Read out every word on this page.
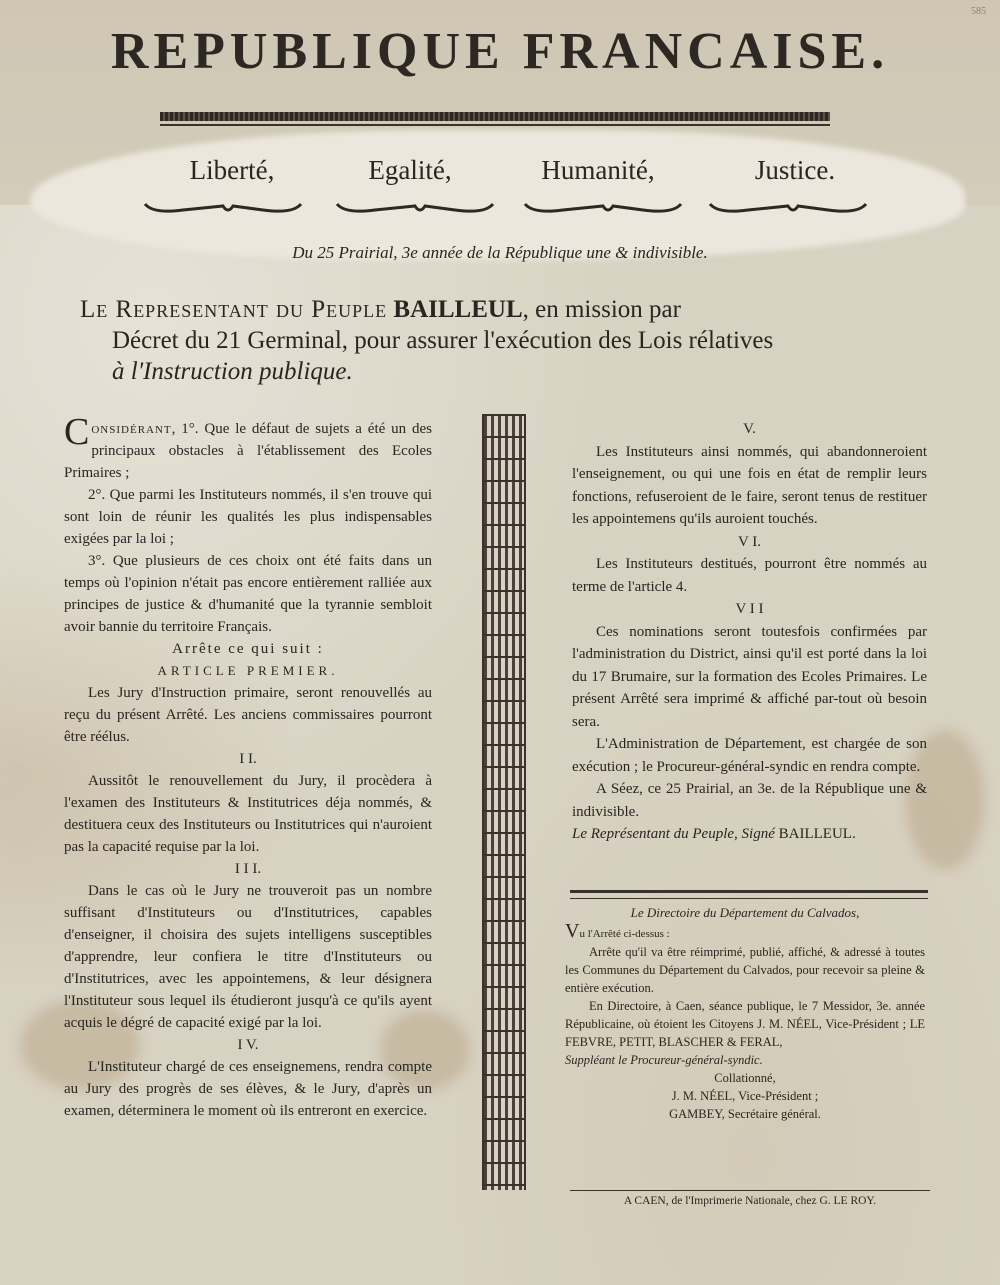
585
REPUBLIQUE FRANCAISE.
Liberté,	Egalité,	Humanité,	Justice.
Du 25 Prairial, 3e année de la République une & indivisible.
Le Representant du Peuple BAILLEUL, en mission par
Décret du 21 Germinal, pour assurer l'exécution des Lois rélatives
à l'Instruction publique.

Considérant, 1°. Que le défaut de sujets a été un des principaux obstacles à l'établissement des Ecoles Primaires ;

2°. Que parmi les Instituteurs nommés, il s'en trouve qui sont loin de réunir les qualités les plus indispensables exigées par la loi ;

3°. Que plusieurs de ces choix ont été faits dans un temps où l'opinion n'était pas encore entièrement ralliée aux principes de justice & d'humanité que la tyrannie sembloit avoir bannie du territoire Français.

Arrête ce qui suit :

ARTICLE PREMIER.

Les Jury d'Instruction primaire, seront renouvellés au reçu du présent Arrêté. Les anciens commissaires pourront être réélus.

I I.

Aussitôt le renouvellement du Jury, il procèdera à l'examen des Instituteurs & Institutrices déja nommés, & destituera ceux des Instituteurs ou Institutrices qui n'auroient pas la capacité requise par la loi.

I I I.

Dans le cas où le Jury ne trouveroit pas un nombre suffisant d'Instituteurs ou d'Institutrices, capables d'enseigner, il choisira des sujets intelligens susceptibles d'apprendre, leur confiera le titre d'Instituteurs ou d'Institutrices, avec les appointemens, & leur désignera l'Instituteur sous lequel ils étudieront jusqu'à ce qu'ils ayent acquis le dégré de capacité exigé par la loi.

I V.

L'Instituteur chargé de ces enseignemens, rendra compte au Jury des progrès de ses élèves, & le Jury, d'après un examen, déterminera le moment où ils entreront en exercice.

V.

Les Instituteurs ainsi nommés, qui abandonneroient l'enseignement, ou qui une fois en état de remplir leurs fonctions, refuseroient de le faire, seront tenus de restituer les appointemens qu'ils auroient touchés.

V I.

Les Instituteurs destitués, pourront être nommés au terme de l'article 4.

V I I

Ces nominations seront toutesfois confirmées par l'administration du District, ainsi qu'il est porté dans la loi du 17 Brumaire, sur la formation des Ecoles Primaires. Le présent Arrêté sera imprimé & affiché par-tout où besoin sera.

L'Administration de Département, est chargée de son exécution ; le Procureur-général-syndic en rendra compte.

A Séez, ce 25 Prairial, an 3e. de la République une & indivisible.

Le Représentant du Peuple, Signé BAILLEUL.

Le Directoire du Département du Calvados,

Vu l'Arrêté ci-dessus :

Arrête qu'il va être réimprimé, publié, affiché, & adressé à toutes les Communes du Département du Calvados, pour recevoir sa pleine & entière exécution.

En Directoire, à Caen, séance publique, le 7 Messidor, 3e. année Républicaine, où étoient les Citoyens J. M. NÉEL, Vice-Président ; LE FEBVRE, PETIT, BLASCHER & FERAL,

Suppléant le Procureur-général-syndic.

Collationné,

J. M. NÉEL, Vice-Président ;

GAMBEY, Secrétaire général.

A CAEN, de l'Imprimerie Nationale, chez G. LE ROY.
